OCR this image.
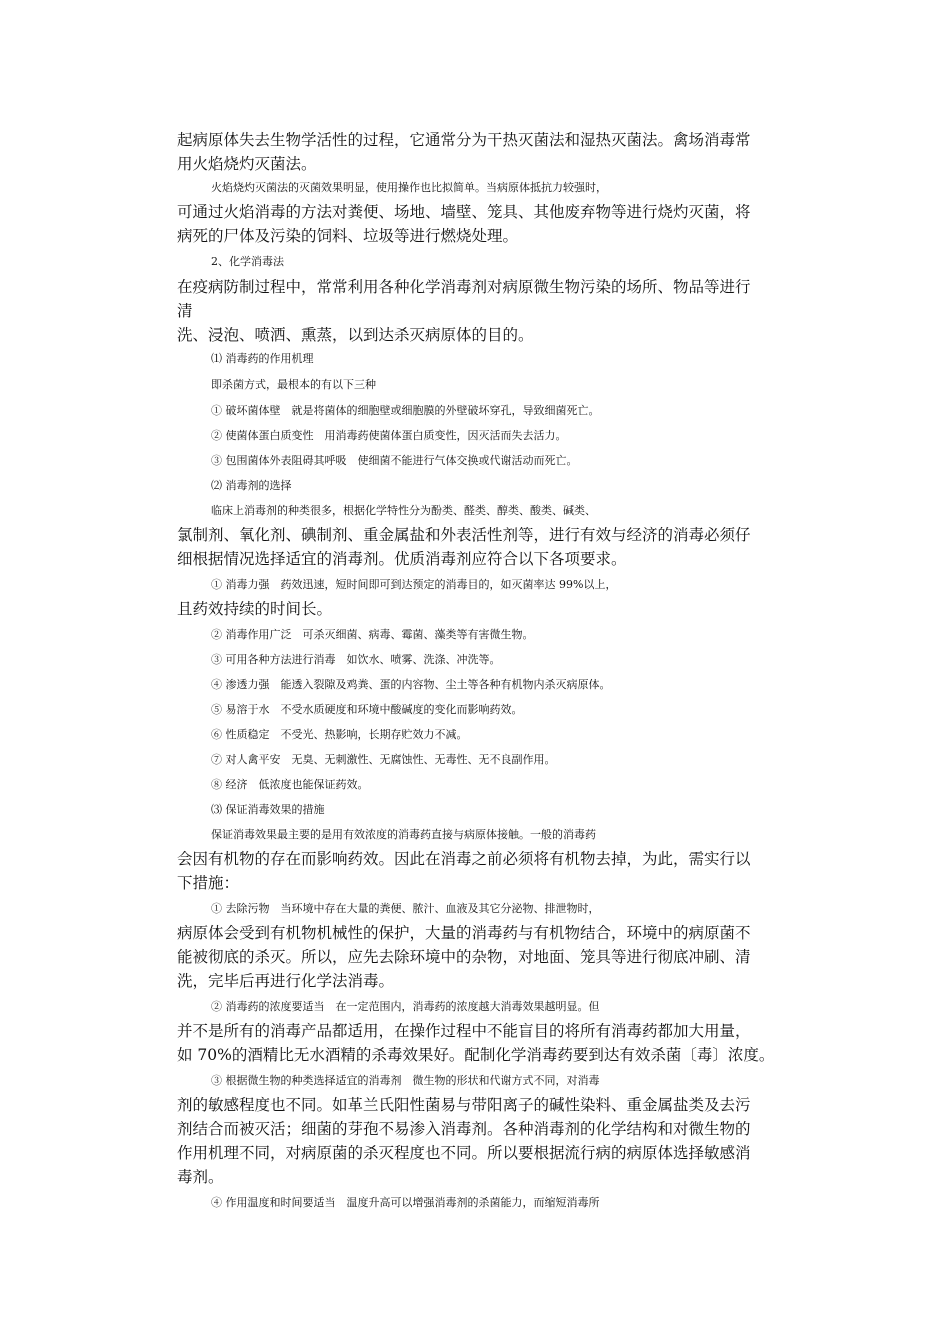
起病原体失去生物学活性的过程，它通常分为干热灭菌法和湿热灭菌法。禽场消毒常
用火焰烧灼灭菌法。
火焰烧灼灭菌法的灭菌效果明显，使用操作也比拟简单。当病原体抵抗力较强时，
可通过火焰消毒的方法对粪便、场地、墙壁、笼具、其他废弃物等进行烧灼灭菌，将
病死的尸体及污染的饲料、垃圾等进行燃烧处理。
2、化学消毒法
在疫病防制过程中，常常利用各种化学消毒剂对病原微生物污染的场所、物品等进行
清
洗、浸泡、喷洒、熏蒸，以到达杀灭病原体的目的。
⑴ 消毒药的作用机理
即杀菌方式，最根本的有以下三种
① 破坏菌体壁　就是将菌体的细胞壁或细胞膜的外壁破坏穿孔，导致细菌死亡。
② 使菌体蛋白质变性　用消毒药使菌体蛋白质变性，因灭活而失去活力。
③ 包围菌体外表阻碍其呼吸　使细菌不能进行气体交换或代谢活动而死亡。
⑵ 消毒剂的选择
临床上消毒剂的种类很多，根据化学特性分为酚类、醛类、醇类、酸类、碱类、
氯制剂、氧化剂、碘制剂、重金属盐和外表活性剂等，进行有效与经济的消毒必须仔
细根据情况选择适宜的消毒剂。优质消毒剂应符合以下各项要求。
① 消毒力强　药效迅速，短时间即可到达预定的消毒目的，如灭菌率达 99%以上，
且药效持续的时间长。
② 消毒作用广泛　可杀灭细菌、病毒、霉菌、藻类等有害微生物。
③ 可用各种方法进行消毒　如饮水、喷雾、洗涤、冲洗等。
④ 渗透力强　能透入裂隙及鸡粪、蛋的内容物、尘土等各种有机物内杀灭病原体。
⑤ 易溶于水　不受水质硬度和环境中酸碱度的变化而影响药效。
⑥ 性质稳定　不受光、热影响，长期存贮效力不减。
⑦ 对人禽平安　无臭、无刺激性、无腐蚀性、无毒性、无不良副作用。
⑧ 经济　低浓度也能保证药效。
⑶ 保证消毒效果的措施
保证消毒效果最主要的是用有效浓度的消毒药直接与病原体接触。一般的消毒药
会因有机物的存在而影响药效。因此在消毒之前必须将有机物去掉，为此，需实行以
下措施：
① 去除污物　当环境中存在大量的粪便、脓汁、血液及其它分泌物、排泄物时，
病原体会受到有机物机械性的保护，大量的消毒药与有机物结合，环境中的病原菌不
能被彻底的杀灭。所以，应先去除环境中的杂物，对地面、笼具等进行彻底冲刷、清
洗，完毕后再进行化学法消毒。
② 消毒药的浓度要适当　在一定范围内，消毒药的浓度越大消毒效果越明显。但
并不是所有的消毒产品都适用，在操作过程中不能盲目的将所有消毒药都加大用量，
如 70%的酒精比无水酒精的杀毒效果好。配制化学消毒药要到达有效杀菌〔毒〕浓度。
③ 根据微生物的种类选择适宜的消毒剂　微生物的形状和代谢方式不同，对消毒
剂的敏感程度也不同。如革兰氏阳性菌易与带阳离子的碱性染料、重金属盐类及去污
剂结合而被灭活；细菌的芽孢不易渗入消毒剂。各种消毒剂的化学结构和对微生物的
作用机理不同，对病原菌的杀灭程度也不同。所以要根据流行病的病原体选择敏感消
毒剂。
④ 作用温度和时间要适当　温度升高可以增强消毒剂的杀菌能力，而缩短消毒所
